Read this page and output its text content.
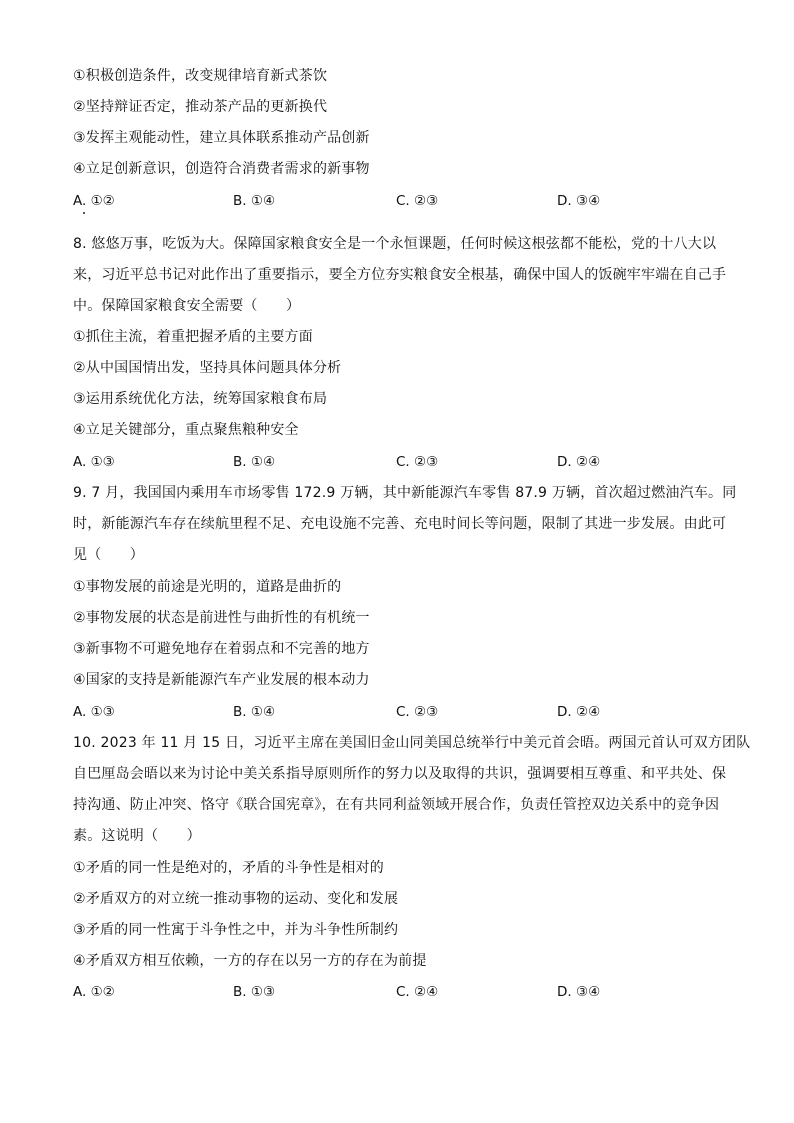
①积极创造条件，改变规律培育新式茶饮
②坚持辩证否定，推动茶产品的更新换代
③发挥主观能动性，建立具体联系推动产品创新
④立足创新意识，创造符合消费者需求的新事物
A. ①②	B. ①④	C. ②③	D. ③④
8. 悠悠万事，吃饭为大。保障国家粮食安全是一个永恒课题，任何时候这根弦都不能松，党的十八大以
来，习近平总书记对此作出了重要指示，要全方位夯实粮食安全根基，确保中国人的饭碗牢牢端在自己手
中。保障国家粮食安全需要（　　）
①抓住主流，着重把握矛盾的主要方面
②从中国国情出发，坚持具体问题具体分析
③运用系统优化方法，统筹国家粮食布局
④立足关键部分，重点聚焦粮种安全
A. ①③	B. ①④	C. ②③	D. ②④
9. 7 月，我国国内乘用车市场零售 172.9 万辆，其中新能源汽车零售 87.9 万辆，首次超过燃油汽车。同
时，新能源汽车存在续航里程不足、充电设施不完善、充电时间长等问题，限制了其进一步发展。由此可
见（　　）
①事物发展的前途是光明的，道路是曲折的
②事物发展的状态是前进性与曲折性的有机统一
③新事物不可避免地存在着弱点和不完善的地方
④国家的支持是新能源汽车产业发展的根本动力
A. ①③	B. ①④	C. ②③	D. ②④
10. 2023 年 11 月 15 日，习近平主席在美国旧金山同美国总统举行中美元首会晤。两国元首认可双方团队
自巴厘岛会晤以来为讨论中美关系指导原则所作的努力以及取得的共识，强调要相互尊重、和平共处、保
持沟通、防止冲突、恪守《联合国宪章》，在有共同利益领域开展合作，负责任管控双边关系中的竞争因
素。这说明（　　）
①矛盾的同一性是绝对的，矛盾的斗争性是相对的
②矛盾双方的对立统一推动事物的运动、变化和发展
③矛盾的同一性寓于斗争性之中，并为斗争性所制约
④矛盾双方相互依赖，一方的存在以另一方的存在为前提
A. ①②	B. ①③	C. ②④	D. ③④
